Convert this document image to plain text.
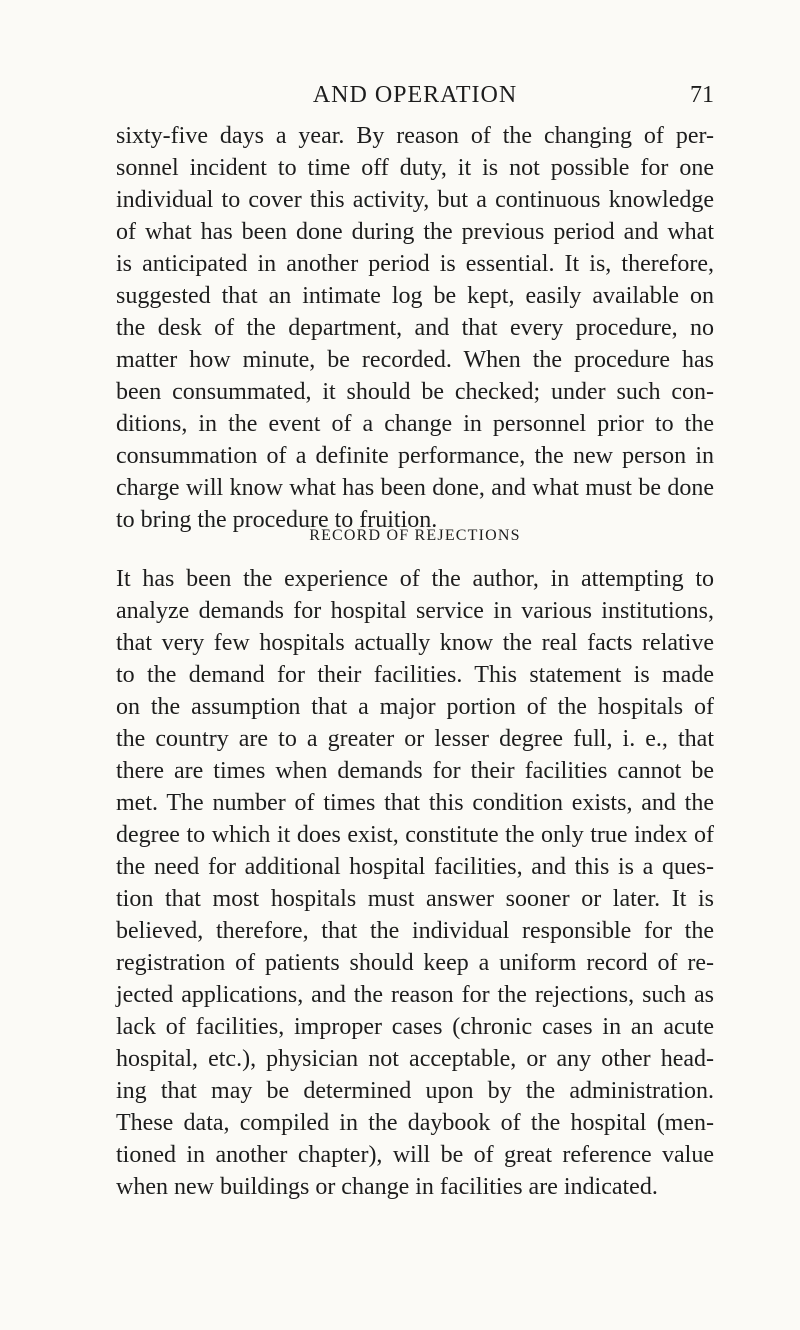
AND OPERATION	71

sixty-five days a year. By reason of the changing of per-
sonnel incident to time off duty, it is not possible for one
individual to cover this activity, but a continuous knowledge
of what has been done during the previous period and what
is anticipated in another period is essential. It is, therefore,
suggested that an intimate log be kept, easily available on
the desk of the department, and that every procedure, no
matter how minute, be recorded. When the procedure has
been consummated, it should be checked; under such con-
ditions, in the event of a change in personnel prior to the
consummation of a definite performance, the new person in
charge will know what has been done, and what must be done
to bring the procedure to fruition.

RECORD OF REJECTIONS

It has been the experience of the author, in attempting to
analyze demands for hospital service in various institutions,
that very few hospitals actually know the real facts relative
to the demand for their facilities. This statement is made
on the assumption that a major portion of the hospitals of
the country are to a greater or lesser degree full, i. e., that
there are times when demands for their facilities cannot be
met. The number of times that this condition exists, and the
degree to which it does exist, constitute the only true index of
the need for additional hospital facilities, and this is a ques-
tion that most hospitals must answer sooner or later. It is
believed, therefore, that the individual responsible for the
registration of patients should keep a uniform record of re-
jected applications, and the reason for the rejections, such as
lack of facilities, improper cases (chronic cases in an acute
hospital, etc.), physician not acceptable, or any other head-
ing that may be determined upon by the administration.
These data, compiled in the daybook of the hospital (men-
tioned in another chapter), will be of great reference value
when new buildings or change in facilities are indicated.
